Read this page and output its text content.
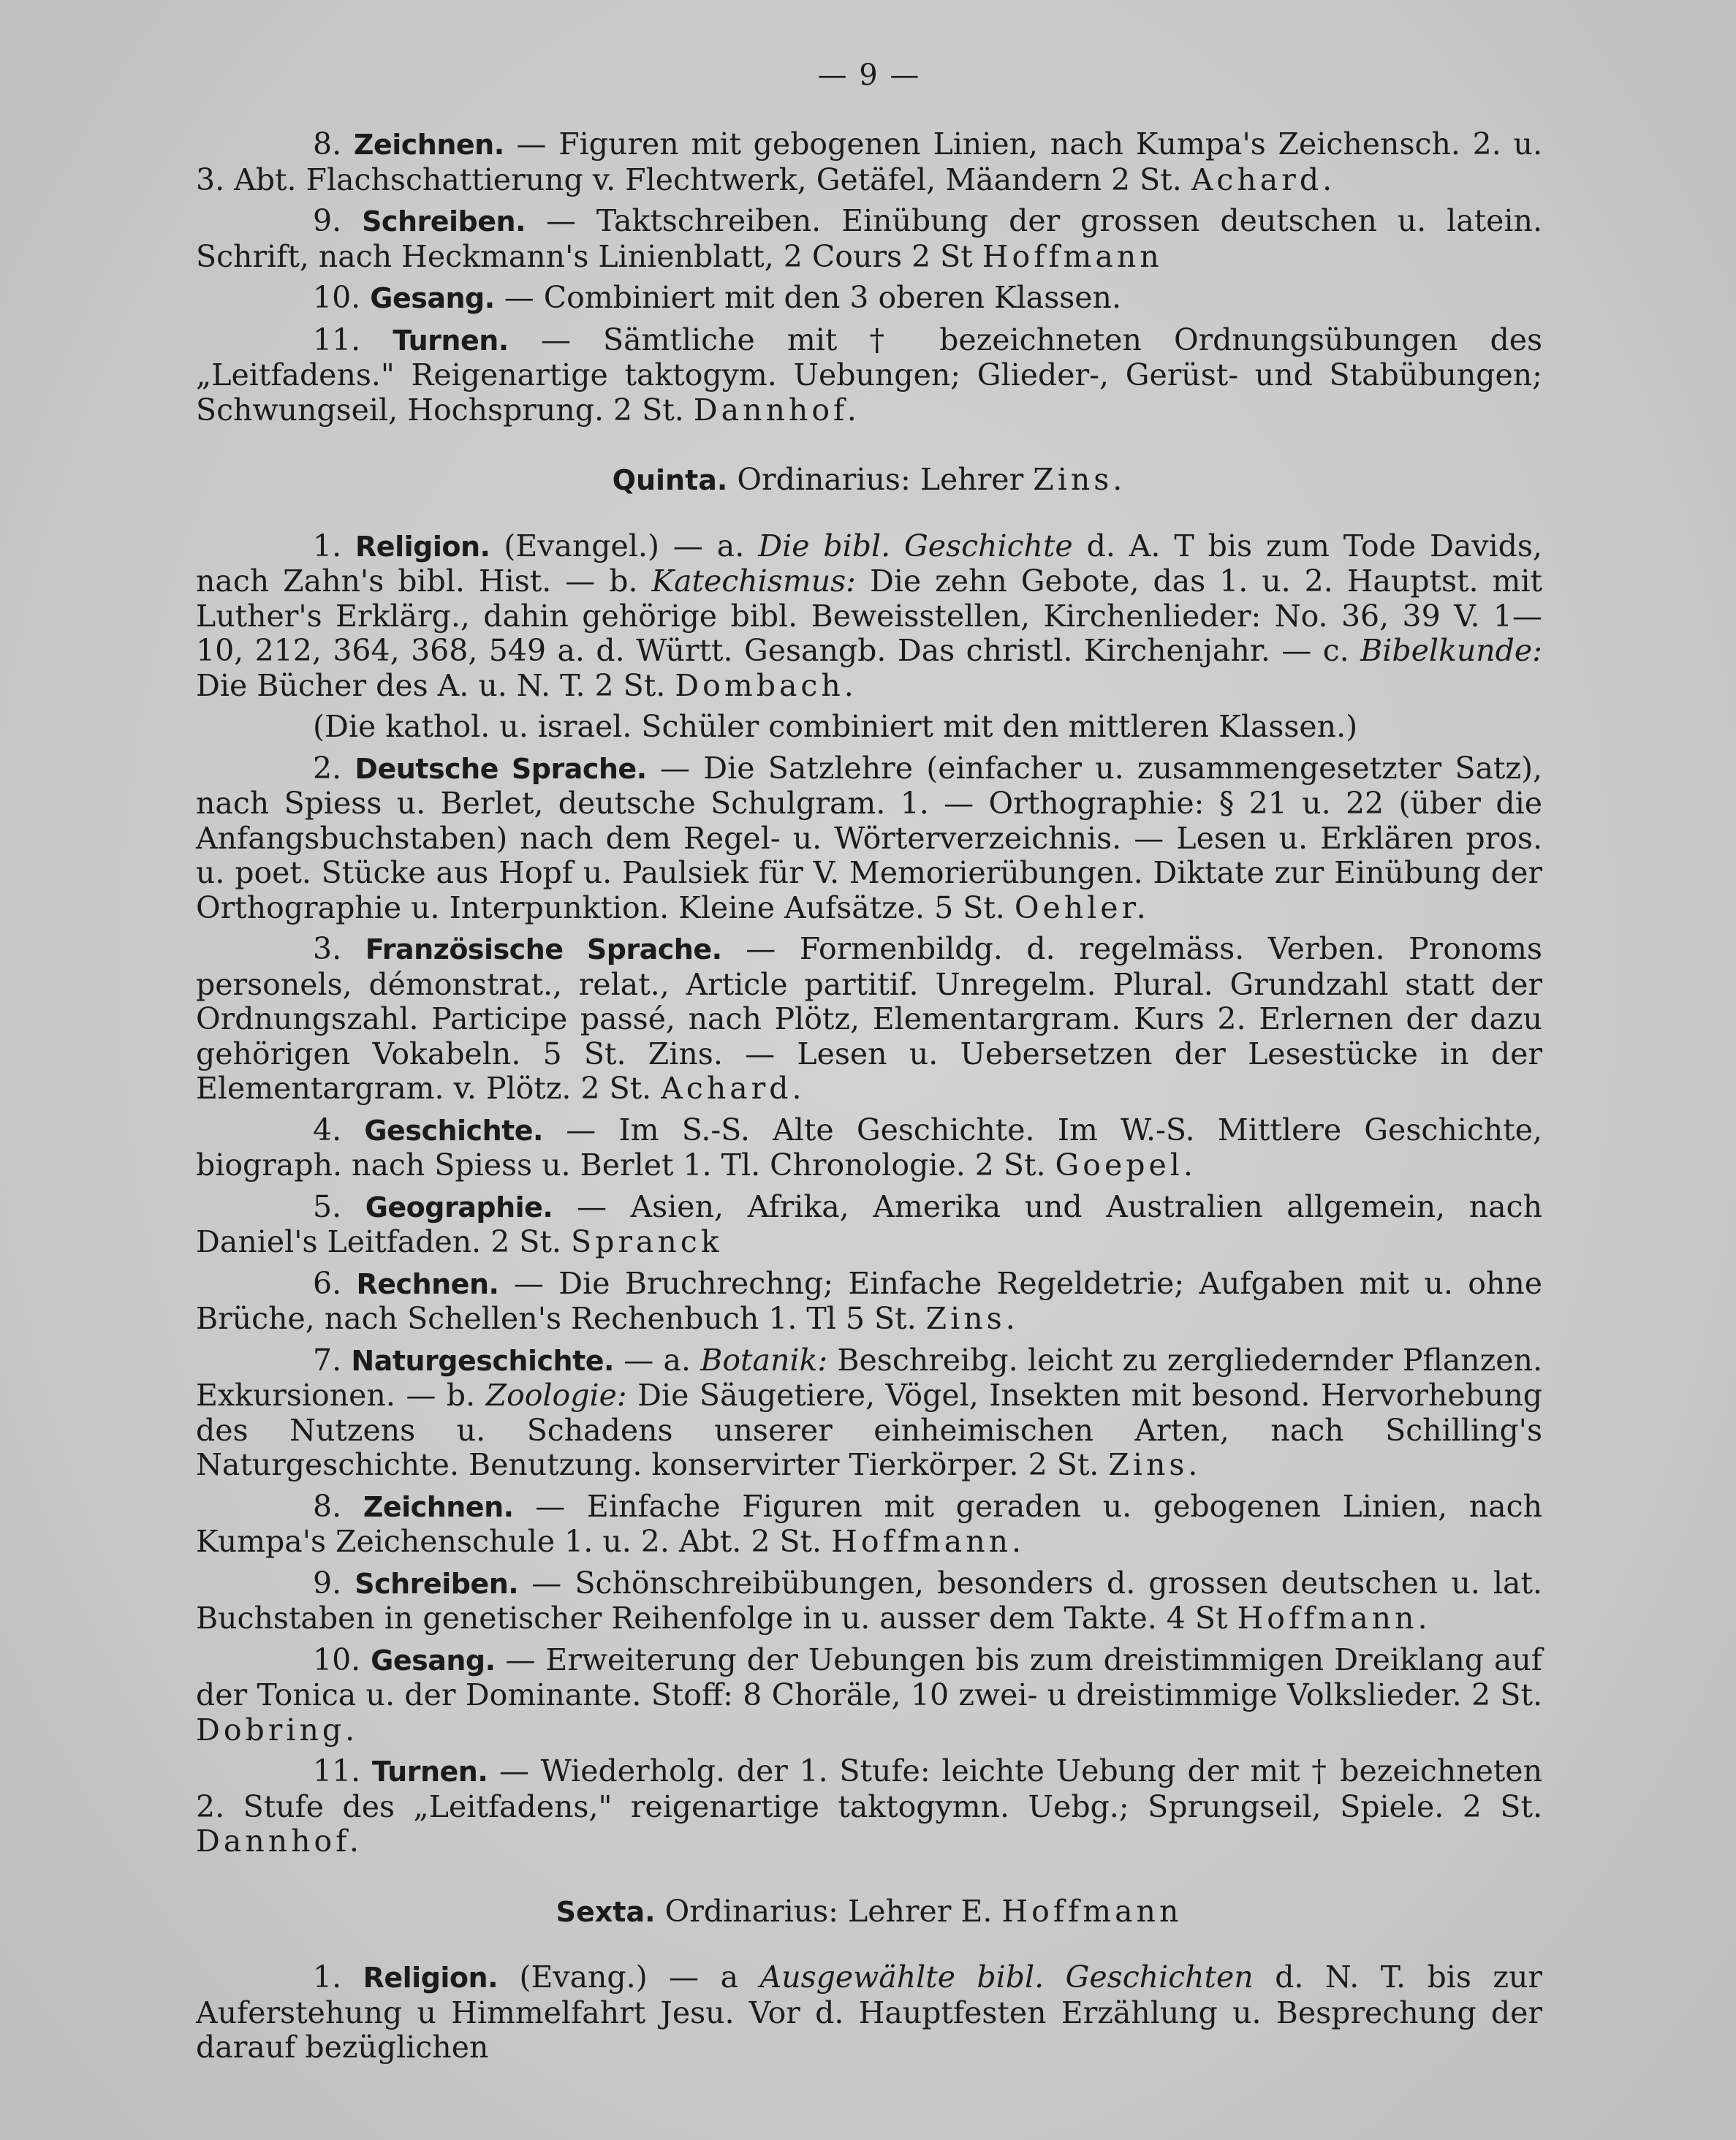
— 9 —

8. Zeichnen. — Figuren mit gebogenen Linien, nach Kumpa's Zeichensch. 2. u. 3. Abt. Flachschattierung v. Flechtwerk, Getäfel, Mäandern 2 St. Achard.

9. Schreiben. — Taktschreiben. Einübung der grossen deutschen u. latein. Schrift, nach Heckmann's Linienblatt, 2 Cours 2 St Hoffmann

10. Gesang. — Combiniert mit den 3 oberen Klassen.

11. Turnen. — Sämtliche mit † bezeichneten Ordnungsübungen des „Leitfadens." Reigenartige taktogym. Uebungen; Glieder-, Gerüst- und Stabübungen; Schwungseil, Hochsprung. 2 St. Dannhof.

Quinta. Ordinarius: Lehrer Zins.

1. Religion. (Evangel.) — a. Die bibl. Geschichte d. A. T bis zum Tode Davids, nach Zahn's bibl. Hist. — b. Katechismus: Die zehn Gebote, das 1. u. 2. Hauptst. mit Luther's Erklärg., dahin gehörige bibl. Beweisstellen, Kirchenlieder: No. 36, 39 V. 1—10, 212, 364, 368, 549 a. d. Württ. Gesangb. Das christl. Kirchenjahr. — c. Bibelkunde: Die Bücher des A. u. N. T. 2 St. Dombach.

(Die kathol. u. israel. Schüler combiniert mit den mittleren Klassen.)

2. Deutsche Sprache. — Die Satzlehre (einfacher u. zusammengesetzter Satz), nach Spiess u. Berlet, deutsche Schulgram. 1. — Orthographie: § 21 u. 22 (über die Anfangsbuchstaben) nach dem Regel- u. Wörterverzeichnis. — Lesen u. Erklären pros. u. poet. Stücke aus Hopf u. Paulsiek für V. Memorierübungen. Diktate zur Einübung der Orthographie u. Interpunktion. Kleine Aufsätze. 5 St. Oehler.

3. Französische Sprache. — Formenbildg. d. regelmäss. Verben. Pronoms personels, démonstrat., relat., Article partitif. Unregelm. Plural. Grundzahl statt der Ordnungszahl. Participe passé, nach Plötz, Elementargram. Kurs 2. Erlernen der dazu gehörigen Vokabeln. 5 St. Zins. — Lesen u. Uebersetzen der Lesestücke in der Elementargram. v. Plötz. 2 St. Achard.

4. Geschichte. — Im S.-S. Alte Geschichte. Im W.-S. Mittlere Geschichte, biograph. nach Spiess u. Berlet 1. Tl. Chronologie. 2 St. Goepel.

5. Geographie. — Asien, Afrika, Amerika und Australien allgemein, nach Daniel's Leitfaden. 2 St. Spranck

6. Rechnen. — Die Bruchrechng; Einfache Regeldetrie; Aufgaben mit u. ohne Brüche, nach Schellen's Rechenbuch 1. Tl 5 St. Zins.

7. Naturgeschichte. — a. Botanik: Beschreibg. leicht zu zergliedernder Pflanzen. Exkursionen. — b. Zoologie: Die Säugetiere, Vögel, Insekten mit besond. Hervorhebung des Nutzens u. Schadens unserer einheimischen Arten, nach Schilling's Naturgeschichte. Benutzung. konservirter Tierkörper. 2 St. Zins.

8. Zeichnen. — Einfache Figuren mit geraden u. gebogenen Linien, nach Kumpa's Zeichenschule 1. u. 2. Abt. 2 St. Hoffmann.

9. Schreiben. — Schönschreibübungen, besonders d. grossen deutschen u. lat. Buchstaben in genetischer Reihenfolge in u. ausser dem Takte. 4 St Hoffmann.

10. Gesang. — Erweiterung der Uebungen bis zum dreistimmigen Dreiklang auf der Tonica u. der Dominante. Stoff: 8 Choräle, 10 zwei- u dreistimmige Volkslieder. 2 St. Dobring.

11. Turnen. — Wiederholg. der 1. Stufe: leichte Uebung der mit † bezeichneten 2. Stufe des „Leitfadens," reigenartige taktogymn. Uebg.; Sprungseil, Spiele. 2 St. Dannhof.

Sexta. Ordinarius: Lehrer E. Hoffmann

1. Religion. (Evang.) — a Ausgewählte bibl. Geschichten d. N. T. bis zur Auferstehung u Himmelfahrt Jesu. Vor d. Hauptfesten Erzählung u. Besprechung der darauf bezüglichen
